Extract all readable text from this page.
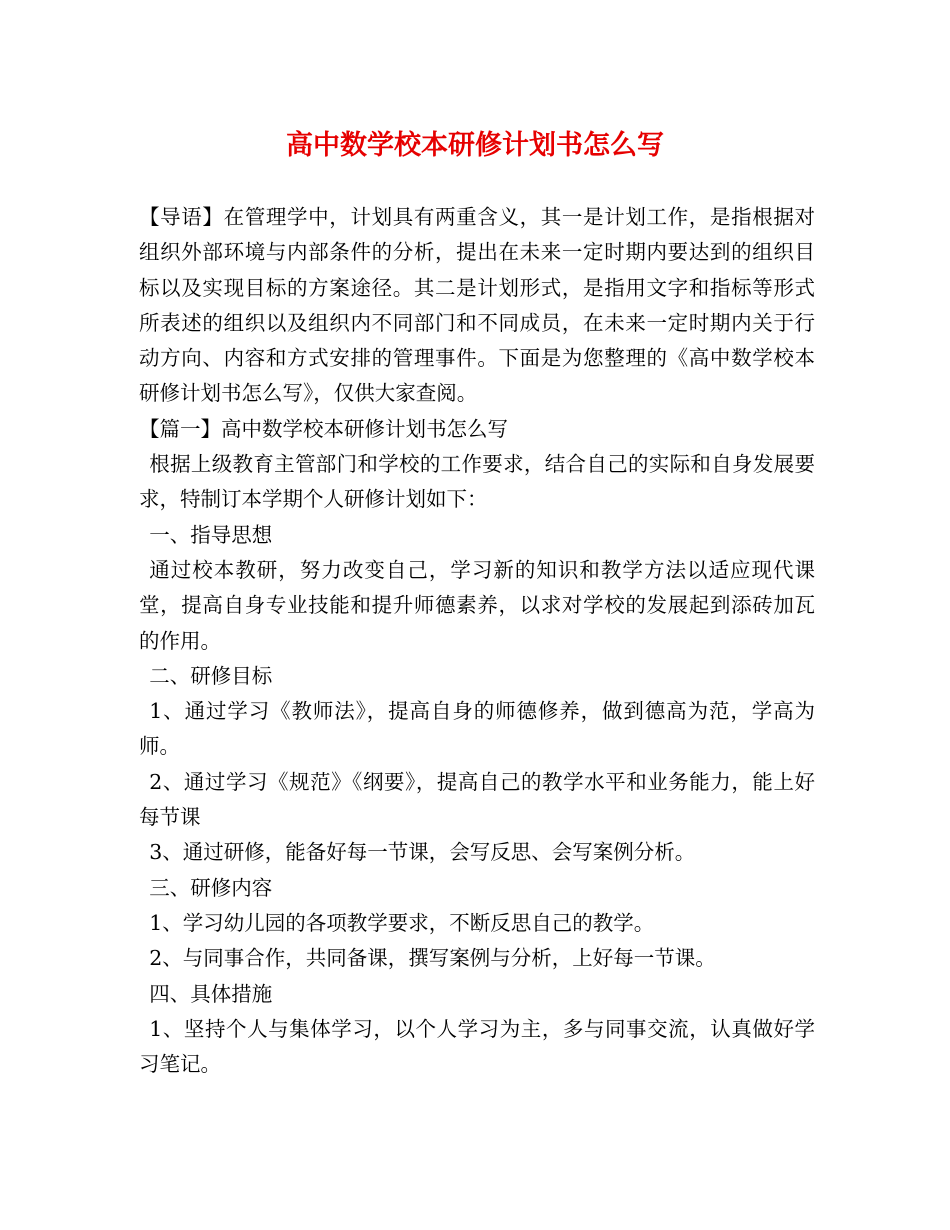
高中数学校本研修计划书怎么写

【导语】在管理学中，计划具有两重含义，其一是计划工作，是指根据对组织外部环境与内部条件的分析，提出在未来一定时期内要达到的组织目标以及实现目标的方案途径。其二是计划形式，是指用文字和指标等形式所表述的组织以及组织内不同部门和不同成员，在未来一定时期内关于行动方向、内容和方式安排的管理事件。下面是为您整理的《高中数学校本研修计划书怎么写》，仅供大家查阅。

【篇一】高中数学校本研修计划书怎么写

根据上级教育主管部门和学校的工作要求，结合自己的实际和自身发展要求，特制订本学期个人研修计划如下：

一、指导思想

通过校本教研，努力改变自己，学习新的知识和教学方法以适应现代课堂，提高自身专业技能和提升师德素养，以求对学校的发展起到添砖加瓦的作用。

二、研修目标

1、通过学习《教师法》，提高自身的师德修养，做到德高为范，学高为师。

2、通过学习《规范》《纲要》，提高自己的教学水平和业务能力，能上好每节课

3、通过研修，能备好每一节课，会写反思、会写案例分析。

三、研修内容

1、学习幼儿园的各项教学要求，不断反思自己的教学。

2、与同事合作，共同备课，撰写案例与分析，上好每一节课。

四、具体措施

1、坚持个人与集体学习，以个人学习为主，多与同事交流，认真做好学习笔记。
